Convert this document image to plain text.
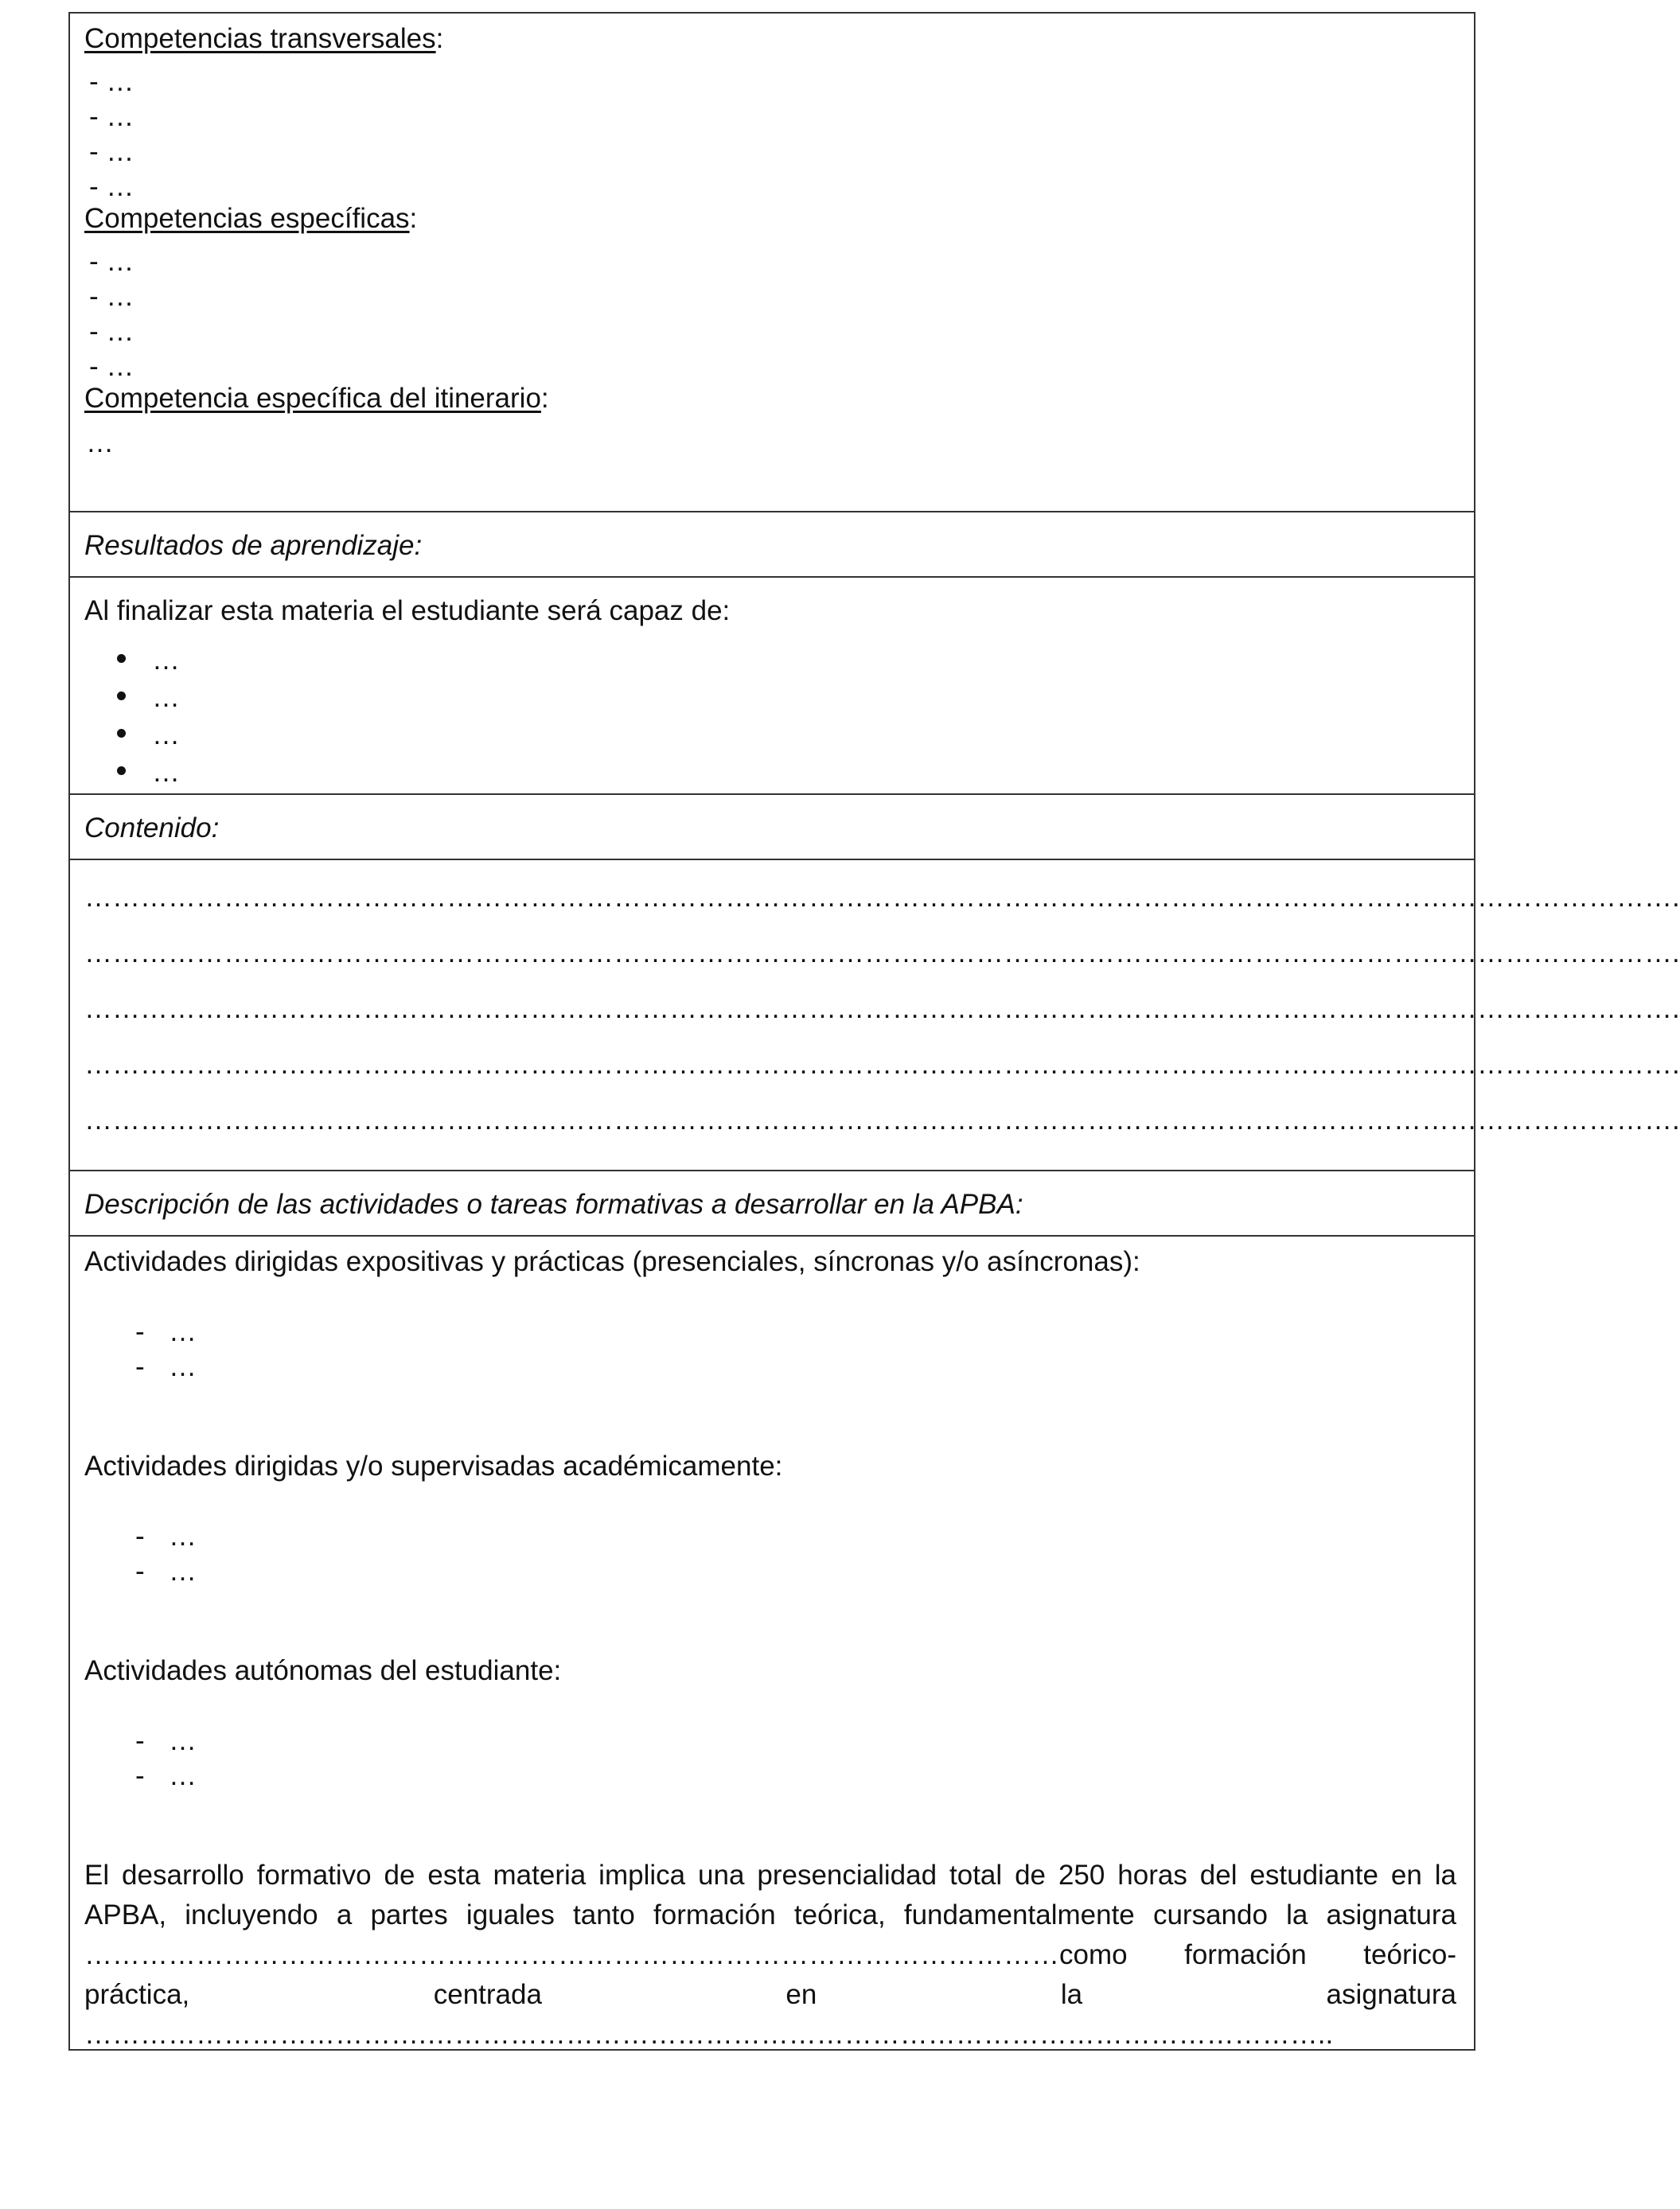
Competencias transversales:
- …
- …
- …
- …
Competencias específicas:
- …
- …
- …
- …
Competencia específica del itinerario:
…
Resultados de aprendizaje:
Al finalizar esta materia el estudiante será capaz de:
…
…
…
…
Contenido:
……………………………………………………………………………………………………………………………………………………….
……………………………………………………………………………………………………………………………………………………….
……………………………………………………………………………………………………………………………………………………….
……………………………………………………………………………………………………………………………………………………….
……………………………………………………………………………………………………………………………………………………….
Descripción de las actividades o tareas formativas a desarrollar en la APBA:
Actividades dirigidas expositivas y prácticas (presenciales, síncronas y/o asíncronas):
- …
- …
Actividades dirigidas y/o supervisadas académicamente:
- …
- …
Actividades autónomas del estudiante:
- …
- …
El desarrollo formativo de esta materia implica una presencialidad total de 250 horas del estudiante en la APBA, incluyendo a partes iguales tanto formación teórica, fundamentalmente cursando la asignatura ……………………………………………………………………………………………como formación teórico-práctica, centrada en la asignatura ……………………………….……………………………………………………………………………………..
